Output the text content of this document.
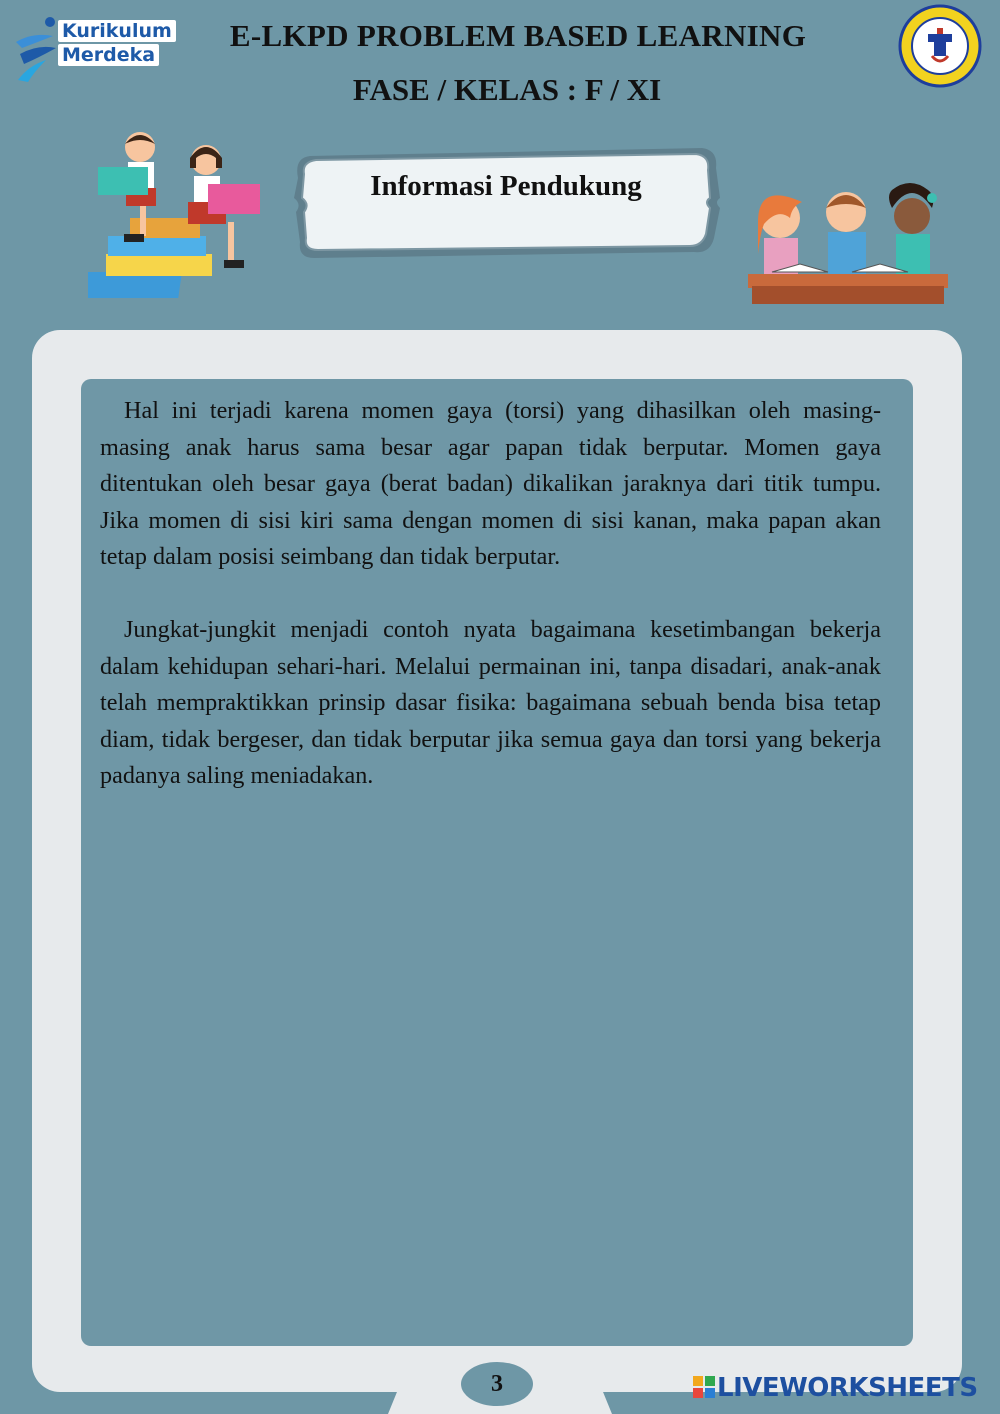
Kurikulum
Merdeka
E-LKPD PROBLEM BASED LEARNING
FASE / KELAS : F / XI
Informasi Pendukung

Hal ini terjadi karena momen gaya (torsi) yang dihasilkan oleh masing-masing anak harus sama besar agar papan tidak berputar. Momen gaya ditentukan oleh besar gaya (berat badan) dikalikan jaraknya dari titik tumpu. Jika momen di sisi kiri sama dengan momen di sisi kanan, maka papan akan tetap dalam posisi seimbang dan tidak berputar.

Jungkat-jungkit menjadi contoh nyata bagaimana kesetimbangan bekerja dalam kehidupan sehari-hari. Melalui permainan ini, tanpa disadari, anak-anak telah mempraktikkan prinsip dasar fisika: bagaimana sebuah benda bisa tetap diam, tidak bergeser, dan tidak berputar jika semua gaya dan torsi yang bekerja padanya saling meniadakan.

3	LIVEWORKSHEETS
